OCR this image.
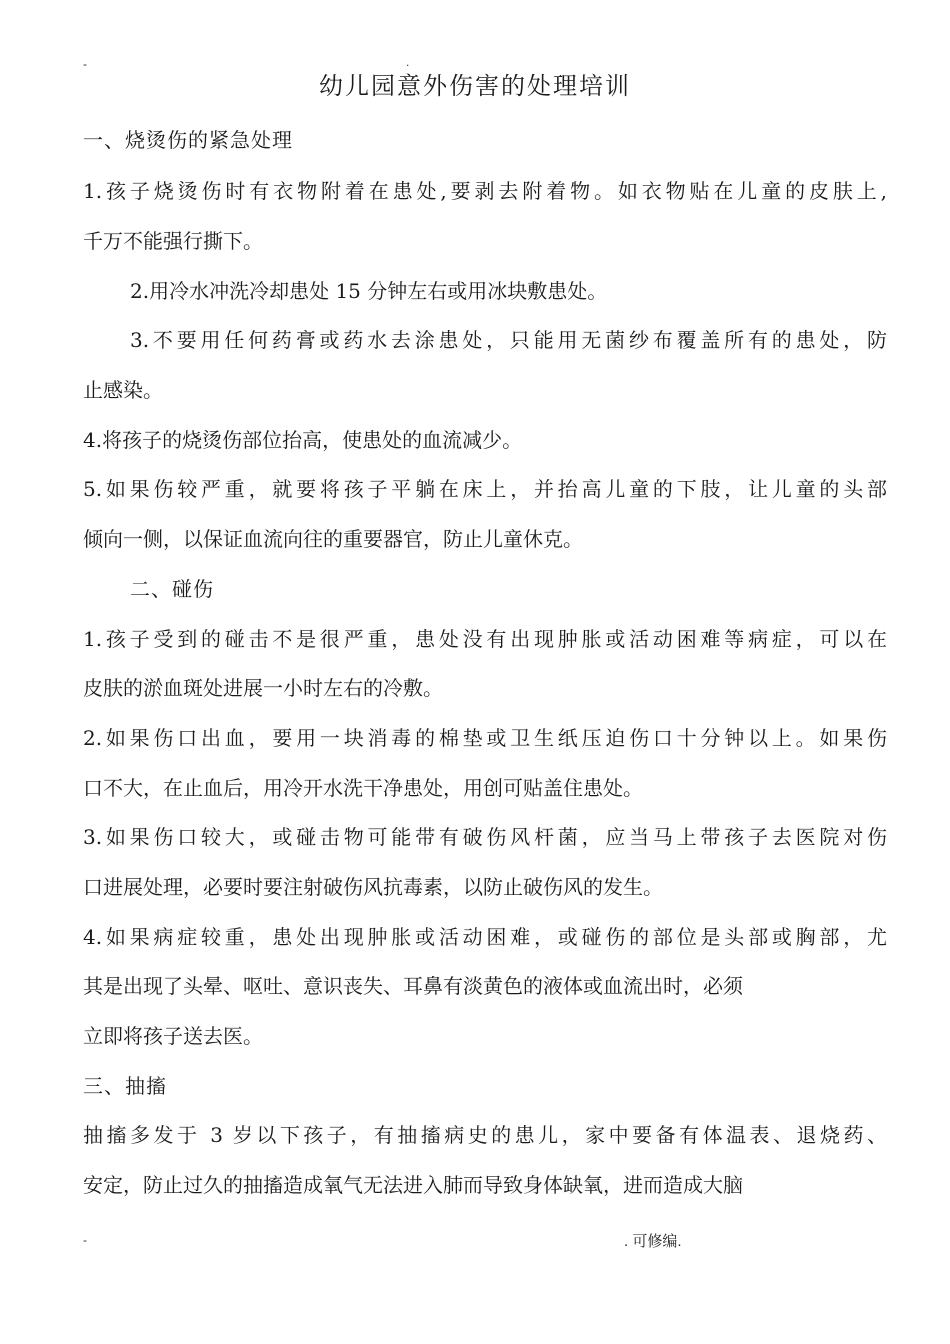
-	.
幼儿园意外伤害的处理培训

一、烧烫伤的紧急处理

1.孩子烧烫伤时有衣物附着在患处,要剥去附着物。如衣物贴在儿童的皮肤上,

千万不能强行撕下。

2.用冷水冲洗冷却患处 15 分钟左右或用冰块敷患处。

3.不要用任何药膏或药水去涂患处，只能用无菌纱布覆盖所有的患处，防

止感染。

4.将孩子的烧烫伤部位抬高，使患处的血流减少。

5.如果伤较严重，就要将孩子平躺在床上，并抬高儿童的下肢，让儿童的头部

倾向一侧，以保证血流向往的重要器官，防止儿童休克。

二、碰伤

1.孩子受到的碰击不是很严重，患处没有出现肿胀或活动困难等病症，可以在

皮肤的淤血斑处进展一小时左右的冷敷。

2.如果伤口出血，要用一块消毒的棉垫或卫生纸压迫伤口十分钟以上。如果伤

口不大，在止血后，用冷开水洗干净患处，用创可贴盖住患处。

3.如果伤口较大，或碰击物可能带有破伤风杆菌，应当马上带孩子去医院对伤

口进展处理，必要时要注射破伤风抗毒素，以防止破伤风的发生。

4.如果病症较重，患处出现肿胀或活动困难，或碰伤的部位是头部或胸部，尤

其是出现了头晕、呕吐、意识丧失、耳鼻有淡黄色的液体或血流出时，必须

立即将孩子送去医。

三、抽搐

抽搐多发于 3 岁以下孩子，有抽搐病史的患儿，家中要备有体温表、退烧药、

安定，防止过久的抽搐造成氧气无法进入肺而导致身体缺氧，进而造成大脑

-	. 可修编.
